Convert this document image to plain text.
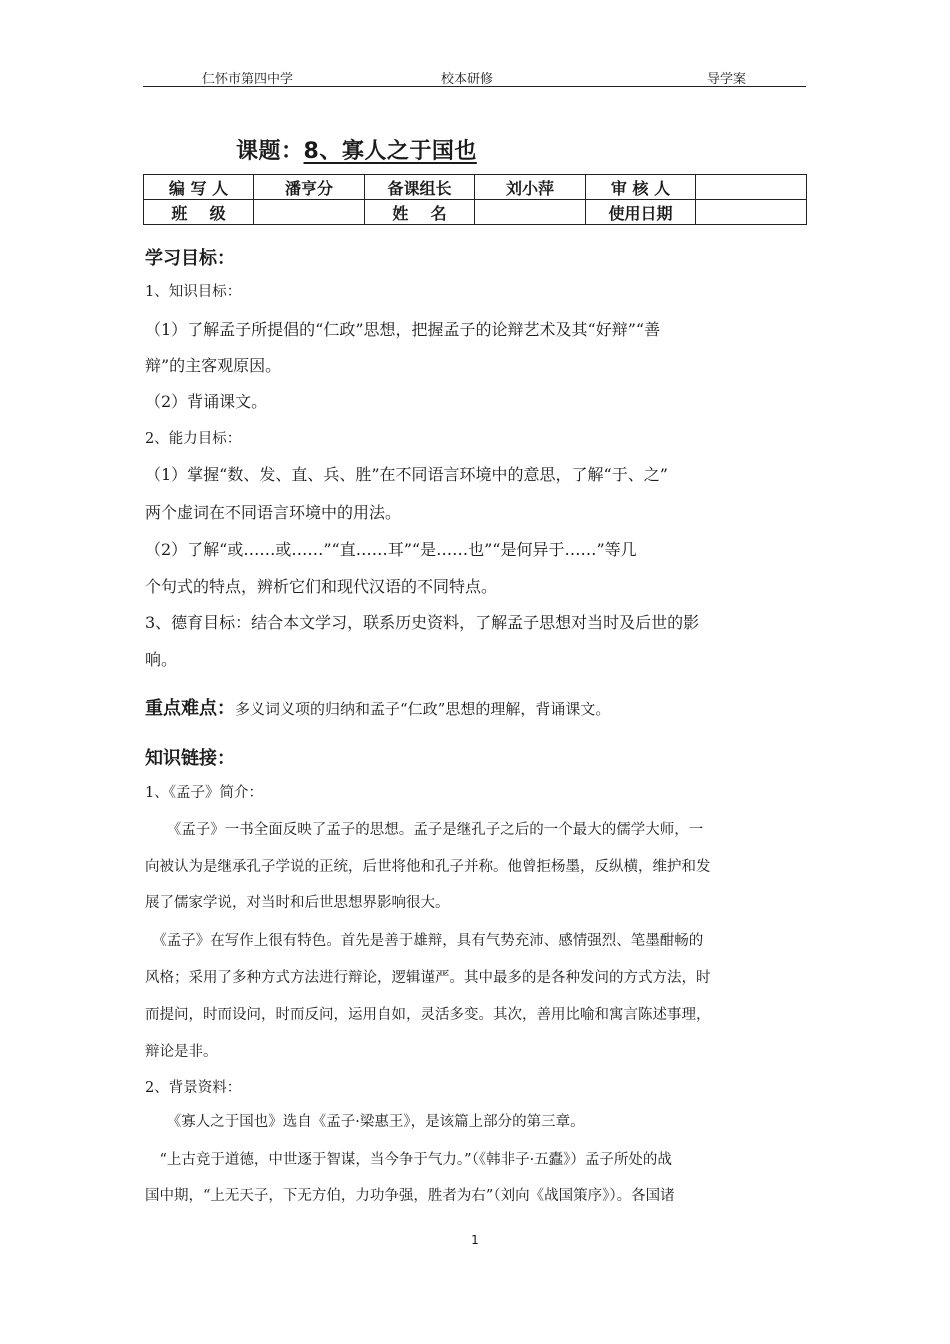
仁怀市第四中学	校本研修	导学案
课题：8、寡人之于国也
编 写 人	潘亨分	备课组长	刘小萍	审 核 人	
班    级		姓    名		使用日期	
学习目标：
1、知识目标：
（1）了解孟子所提倡的“仁政”思想，把握孟子的论辩艺术及其“好辩”“善
辩”的主客观原因。
（2）背诵课文。
2、能力目标：
（1）掌握“数、发、直、兵、胜”在不同语言环境中的意思，了解“于、之”
两个虚词在不同语言环境中的用法。
（2）了解“或……或……”“直……耳”“是……也”“是何异于……”等几
个句式的特点，辨析它们和现代汉语的不同特点。
3、德育目标：结合本文学习，联系历史资料，了解孟子思想对当时及后世的影
响。
重点难点：多义词义项的归纳和孟子“仁政”思想的理解，背诵课文。
知识链接：
1、《孟子》简介：
　　《孟子》一书全面反映了孟子的思想。孟子是继孔子之后的一个最大的儒学大师，一
向被认为是继承孔子学说的正统，后世将他和孔子并称。他曾拒杨墨，反纵横，维护和发
展了儒家学说，对当时和后世思想界影响很大。
　《孟子》在写作上很有特色。首先是善于雄辩，具有气势充沛、感情强烈、笔墨酣畅的
风格；采用了多种方式方法进行辩论，逻辑谨严。其中最多的是各种发问的方式方法，时
而提问，时而设问，时而反问，运用自如，灵活多变。其次，善用比喻和寓言陈述事理，
辩论是非。
2、背景资料：
　　《寡人之于国也》选自《孟子·梁惠王》，是该篇上部分的第三章。
　“上古竞于道德，中世逐于智谋，当今争于气力。”（《韩非子·五蠹》）孟子所处的战
国中期，“上无天子，下无方伯，力功争强，胜者为右”（刘向《战国策序》）。各国诸
1
